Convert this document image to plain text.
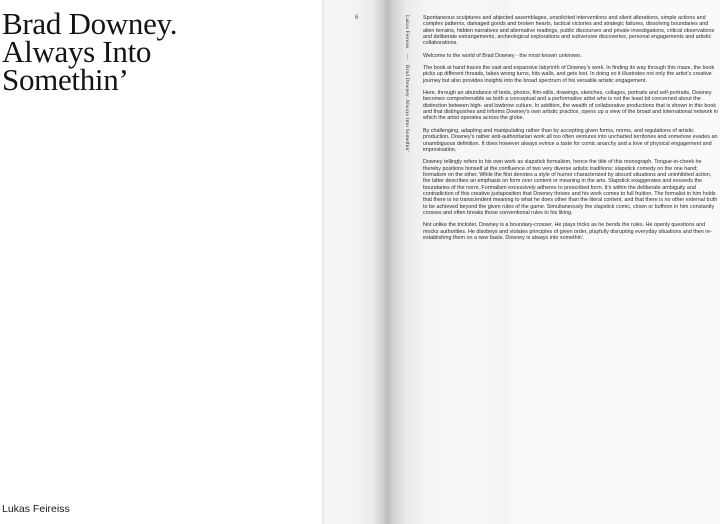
Brad Downey.
Always Into
Somethin’
Lukas Feireiss
6	Lukas Feireiss — Brad Downey. Always Into Somethin’

Spontaneous sculptures and abjected assemblages, unsolicited interventions and silent alterations, simple actions and complex patterns, damaged goods and broken hearts, tactical victories and strategic failures, dissolving boundaries and alien terrains, hidden narratives and alternative readings, public discourses and private investigations, critical observations and deliberate estrangements, archeological explorations and subversive discoveries, personal engagements and artistic collaborations.

Welcome to the world of Brad Downey - the most known unknown.

The book at hand traces the vast and expansive labyrinth of Downey’s work. In finding its way through this maze, the book picks up different threads, takes wrong turns, hits walls, and gets lost. In doing so it illustrates not only the artist’s creative journey but also provides insights into the broad spectrum of his versatile artistic engagement.

Here, through an abundance of texts, photos, film-stills, drawings, sketches, collages, portraits and self-portraits, Downey becomes comprehensible as both a conceptual and a performative artist who is not the least bit concerned about the distinction between high- and lowbrow culture. In addition, the wealth of collaborative productions that is shown in this book and that distinguishes and informs Downey’s own artistic practice, opens up a view of the broad and international network in which the artist operates across the globe.

By challenging, adapting and manipulating rather than by accepting given forms, norms, and regulations of artistic production, Downey’s rather anti-authoritarian work all too often ventures into uncharted territories and somehow evades an unambiguous definition. It does however always evince a taste for comic anarchy and a love of physical engagement and improvisation.

Downey tellingly refers to his own work as slapstick formalism, hence the title of this monograph. Tongue-in-cheek he thereby positions himself at the confluence of two very diverse artistic traditions: slapstick comedy on the one hand; formalism on the other. While the first denotes a style of humor characterized by absurd situations and uninhibited action, the latter describes an emphasis on form over content or meaning in the arts. Slapstick exaggerates and exceeds the boundaries of the norm. Formalism excessively adheres to prescribed form. It’s within the deliberate ambiguity and contradiction of this creative juxtaposition that Downey thrives and his work comes to full fruition. The formalist in him holds that there is no transcendent meaning to what he does other than the literal content, and that there is no other external truth to be achieved beyond the given rules of the game. Simultaneously the slapstick comic, clown or buffoon in him constantly crosses and often breaks those conventional rules to his liking.

Not unlike the trickster, Downey is a boundary-crosser. He plays tricks as he bends the rules. He openly questions and mocks authorities. He disobeys and violates principles of given order, playfully disrupting everyday situations and then re-establishing them on a new basis. Downey is always into somethin’.
